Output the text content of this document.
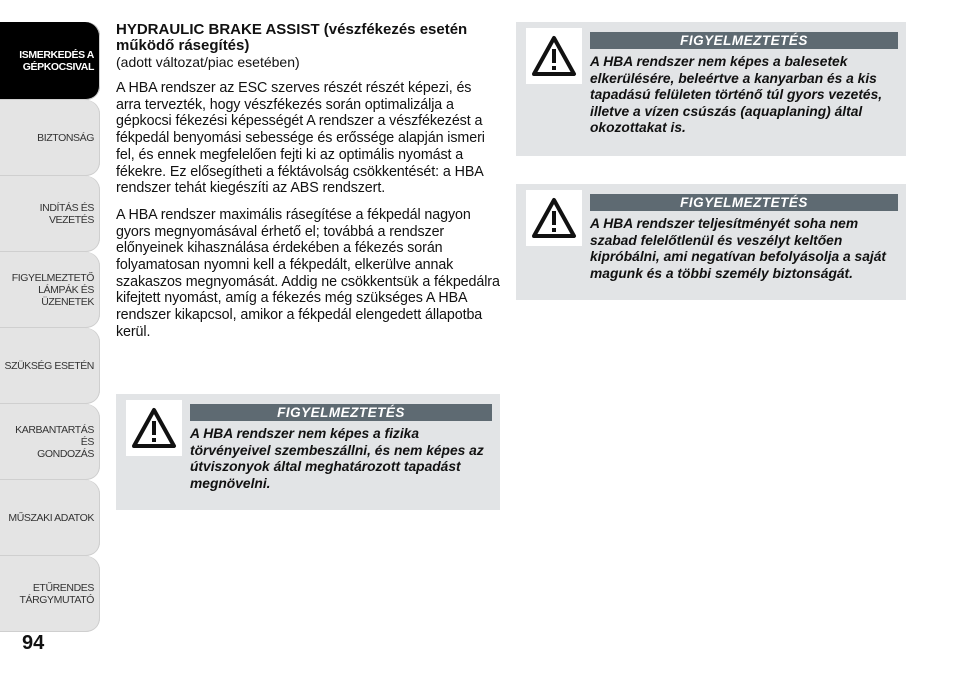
ISMERKEDÉS A
GÉPKOCSIVAL
BIZTONSÁG
INDÍTÁS ÉS VEZETÉS
FIGYELMEZTETŐ
LÁMPÁK ÉS
ÜZENETEK
SZÜKSÉG ESETÉN
KARBANTARTÁS ÉS
GONDOZÁS
MŰSZAKI ADATOK
ETŰRENDES
TÁRGYMUTATÓ
94
HYDRAULIC BRAKE ASSIST (vészfékezés esetén működő rásegítés)
(adott változat/piac esetében)

A HBA rendszer az ESC szerves részét részét képezi, és arra tervezték, hogy vészfékezés során optimalizálja a gépkocsi fékezési képességét A rendszer a vészfékezést a fékpedál benyomási sebessége és erőssége alapján ismeri fel, és ennek megfelelően fejti ki az optimális nyomást a fékekre. Ez elősegítheti a féktávolság csökkentését: a HBA rendszer tehát kiegészíti az ABS rendszert.

A HBA rendszer maximális rásegítése a fékpedál nagyon gyors megnyomásával érhető el; továbbá a rendszer előnyeinek kihasználása érdekében a fékezés során folyamatosan nyomni kell a fékpedált, elkerülve annak szakaszos megnyomását. Addig ne csökkentsük a fékpedálra kifejtett nyomást, amíg a fékezés még szükséges A HBA rendszer kikapcsol, amikor a fékpedál elengedett állapotba kerül.

FIGYELMEZTETÉS
A HBA rendszer nem képes a fizika törvényeivel szembeszállni, és nem képes az útviszonyok által meghatározott tapadást megnövelni.
FIGYELMEZTETÉS
A HBA rendszer nem képes a balesetek elkerülésére, beleértve a kanyarban és a kis tapadású felületen történő túl gyors vezetés, illetve a vízen csúszás (aquaplaning) által okozottakat is.
FIGYELMEZTETÉS
A HBA rendszer teljesítményét soha nem szabad felelőtlenül és veszélyt keltően kipróbálni, ami negatívan befolyásolja a saját magunk és a többi személy biztonságát.
